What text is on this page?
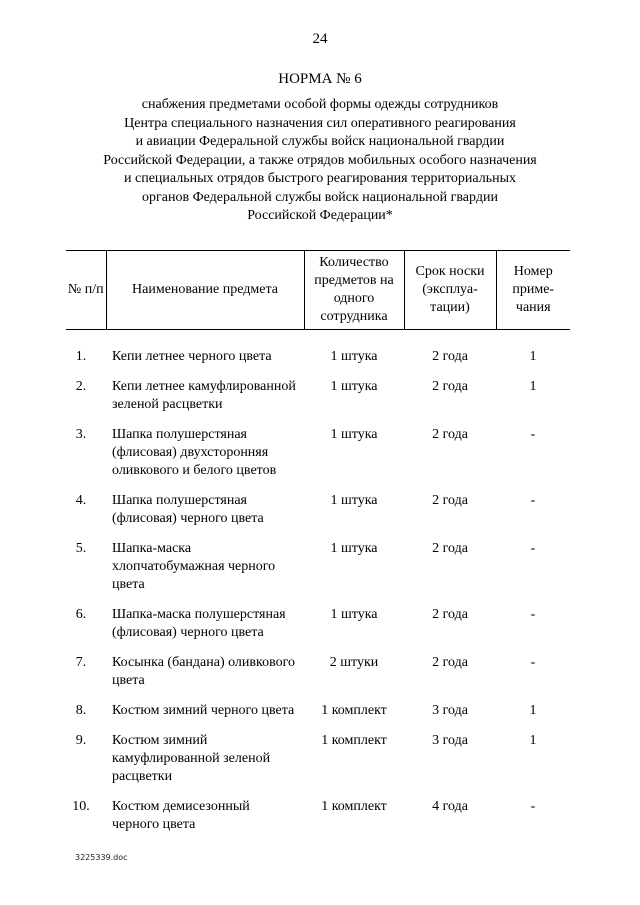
24
НОРМА № 6
снабжения предметами особой формы одежды сотрудников
Центра специального назначения сил оперативного реагирования
и авиации Федеральной службы войск национальной гвардии
Российской Федерации, а также отрядов мобильных особого назначения
и специальных отрядов быстрого реагирования территориальных
органов Федеральной службы войск национальной гвардии
Российской Федерации*
№ п/п	Наименование предмета	Количество предметов на одного сотрудника	Срок носки (эксплуа-тации)	Номер приме-чания
1.	Кепи летнее черного цвета	1 штука	2 года	1
2.	Кепи летнее камуфлированной зеленой расцветки	1 штука	2 года	1
3.	Шапка полушерстяная (флисовая) двухсторонняя оливкового и белого цветов	1 штука	2 года	-
4.	Шапка полушерстяная (флисовая) черного цвета	1 штука	2 года	-
5.	Шапка-маска хлопчатобумажная черного цвета	1 штука	2 года	-
6.	Шапка-маска полушерстяная (флисовая) черного цвета	1 штука	2 года	-
7.	Косынка (бандана) оливкового цвета	2 штуки	2 года	-
8.	Костюм зимний черного цвета	1 комплект	3 года	1
9.	Костюм зимний камуфлированной зеленой расцветки	1 комплект	3 года	1
10.	Костюм демисезонный черного цвета	1 комплект	4 года	-
3225339.doc
